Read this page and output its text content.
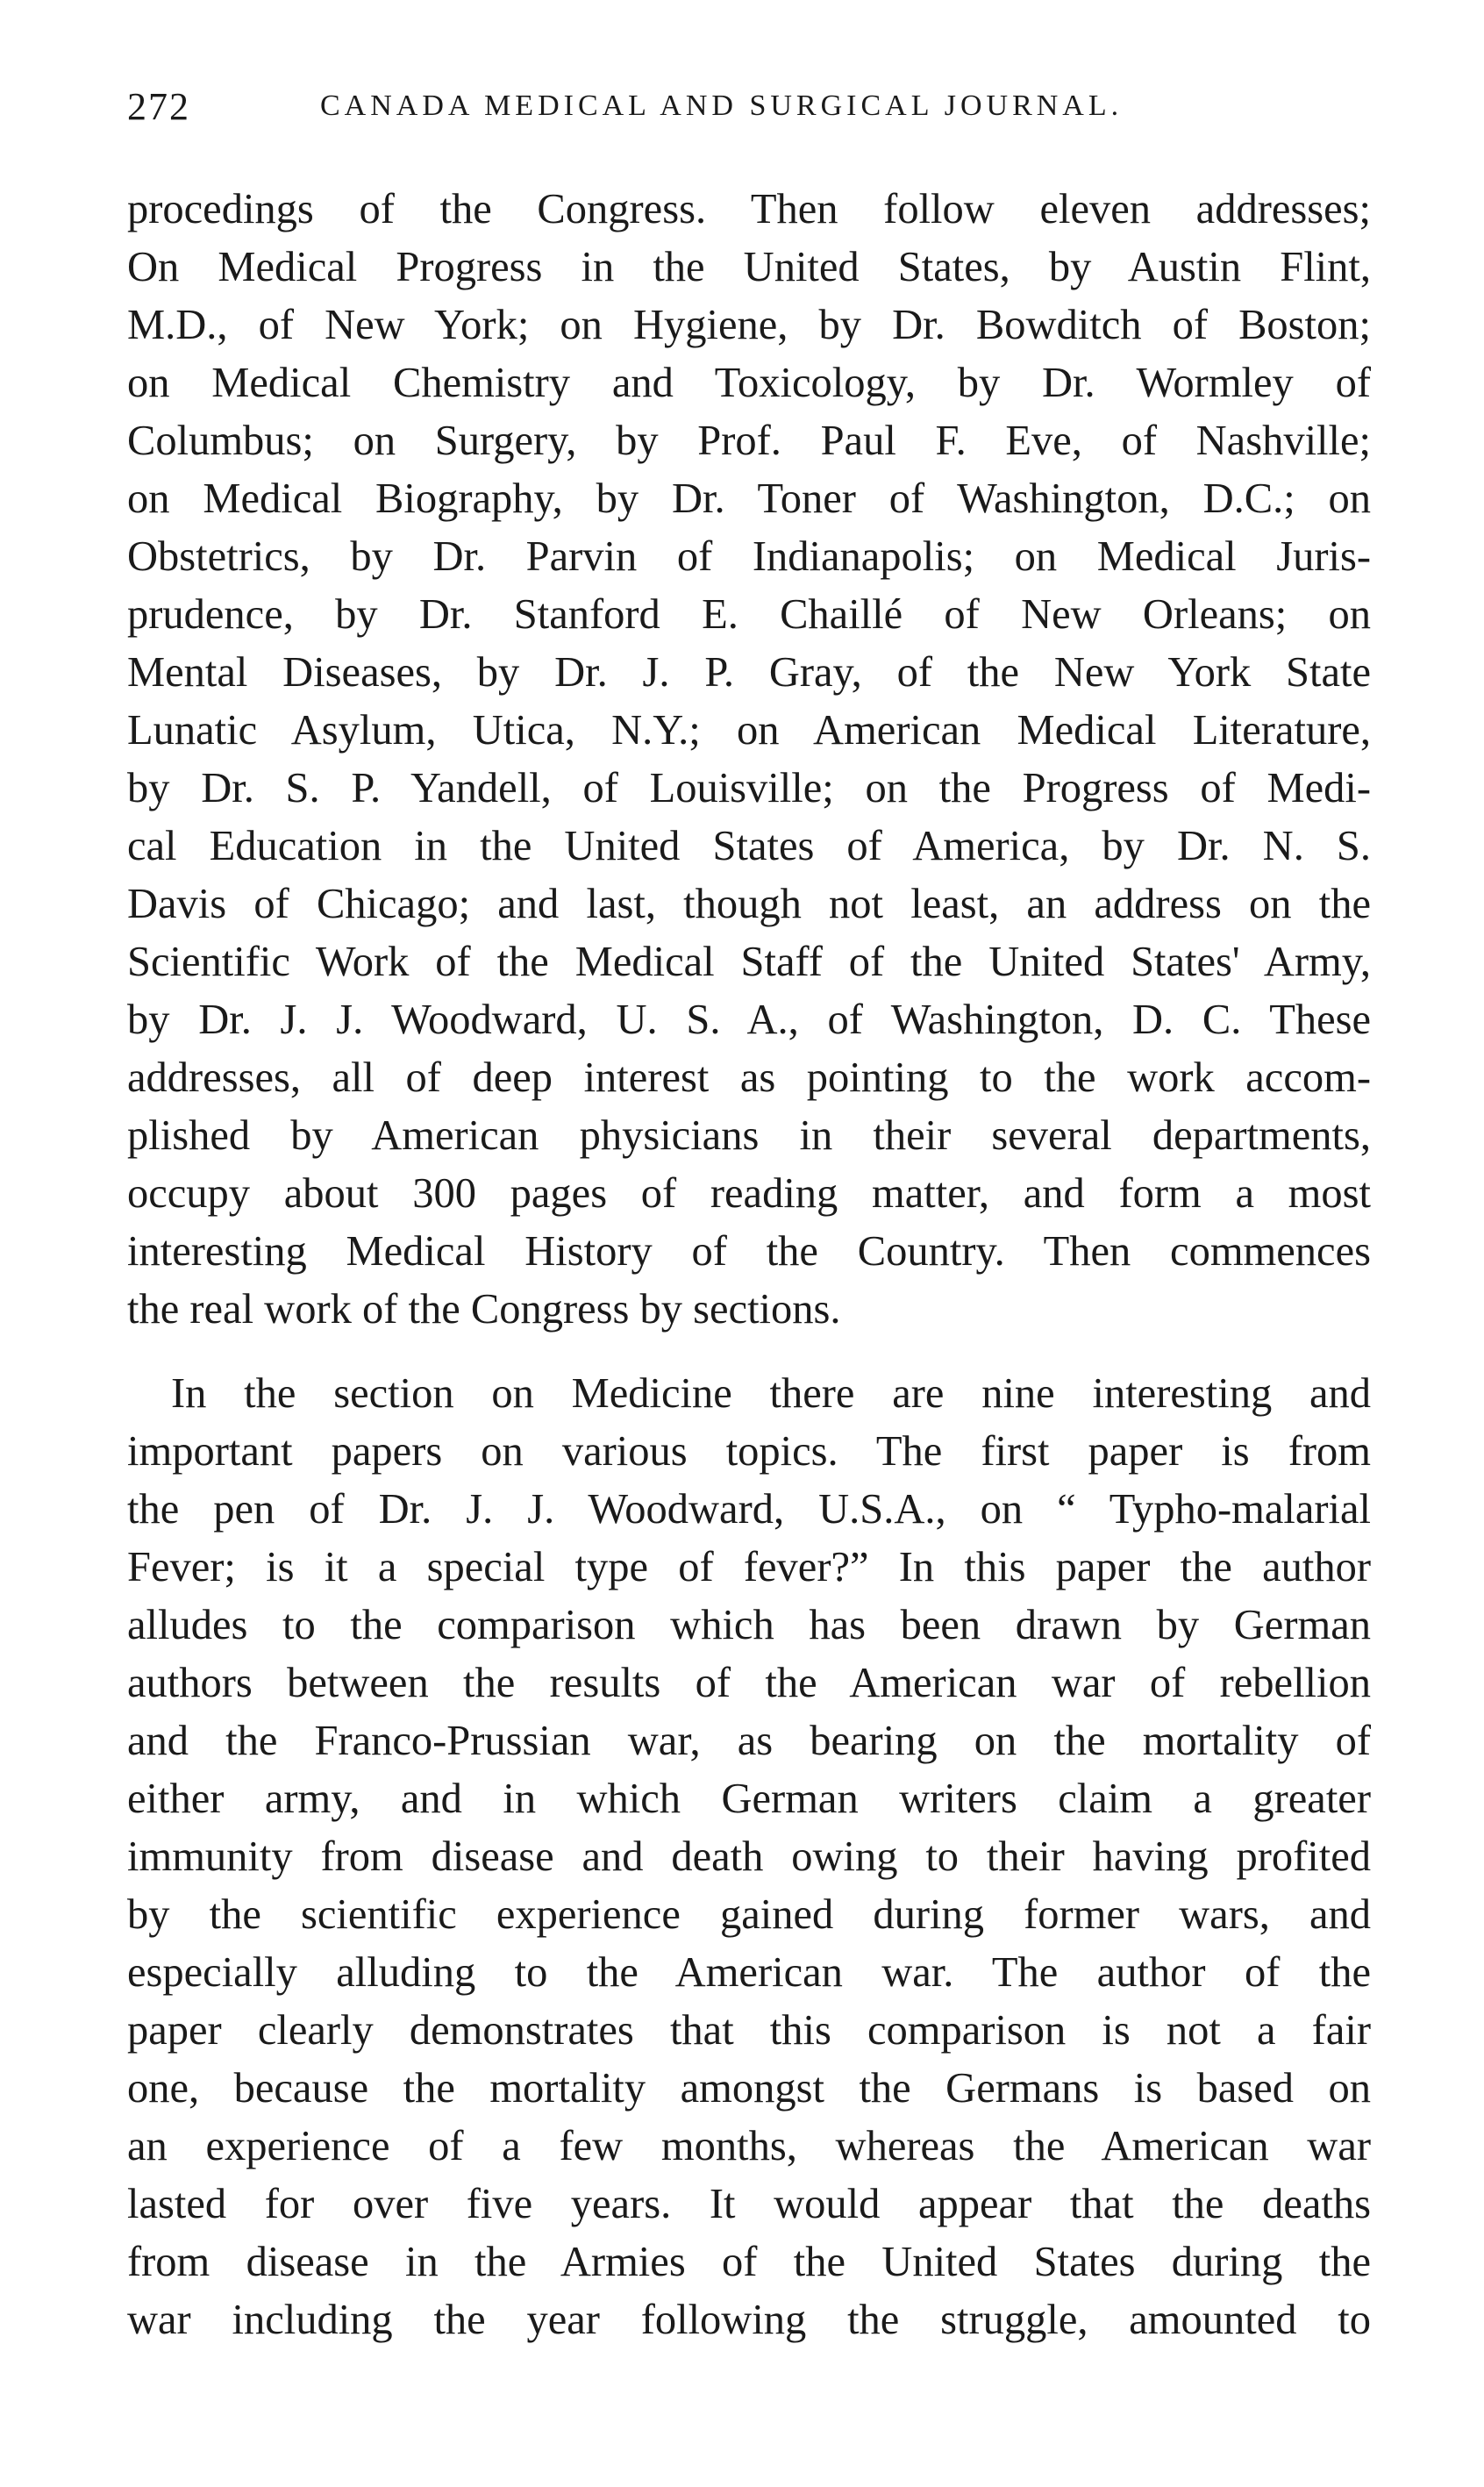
272	CANADA MEDICAL AND SURGICAL JOURNAL.
procedings of the Congress. Then follow eleven addresses;
On Medical Progress in the United States, by Austin Flint,
M.D., of New York; on Hygiene, by Dr. Bowditch of Boston;
on Medical Chemistry and Toxicology, by Dr. Wormley of
Columbus; on Surgery, by Prof. Paul F. Eve, of Nashville;
on Medical Biography, by Dr. Toner of Washington, D.C.; on
Obstetrics, by Dr. Parvin of Indianapolis; on Medical Juris-
prudence, by Dr. Stanford E. Chaillé of New Orleans; on
Mental Diseases, by Dr. J. P. Gray, of the New York State
Lunatic Asylum, Utica, N.Y.; on American Medical Literature,
by Dr. S. P. Yandell, of Louisville; on the Progress of Medi-
cal Education in the United States of America, by Dr. N. S.
Davis of Chicago; and last, though not least, an address on the
Scientific Work of the Medical Staff of the United States' Army,
by Dr. J. J. Woodward, U. S. A., of Washington, D. C. These
addresses, all of deep interest as pointing to the work accom-
plished by American physicians in their several departments,
occupy about 300 pages of reading matter, and form a most
interesting Medical History of the Country. Then commences
the real work of the Congress by sections.
In the section on Medicine there are nine interesting and
important papers on various topics. The first paper is from
the pen of Dr. J. J. Woodward, U.S.A., on “ Typho-malarial
Fever; is it a special type of fever?” In this paper the author
alludes to the comparison which has been drawn by German
authors between the results of the American war of rebellion
and the Franco-Prussian war, as bearing on the mortality of
either army, and in which German writers claim a greater
immunity from disease and death owing to their having profited
by the scientific experience gained during former wars, and
especially alluding to the American war. The author of the
paper clearly demonstrates that this comparison is not a fair
one, because the mortality amongst the Germans is based on
an experience of a few months, whereas the American war
lasted for over five years. It would appear that the deaths
from disease in the Armies of the United States during the
war including the year following the struggle, amounted to
